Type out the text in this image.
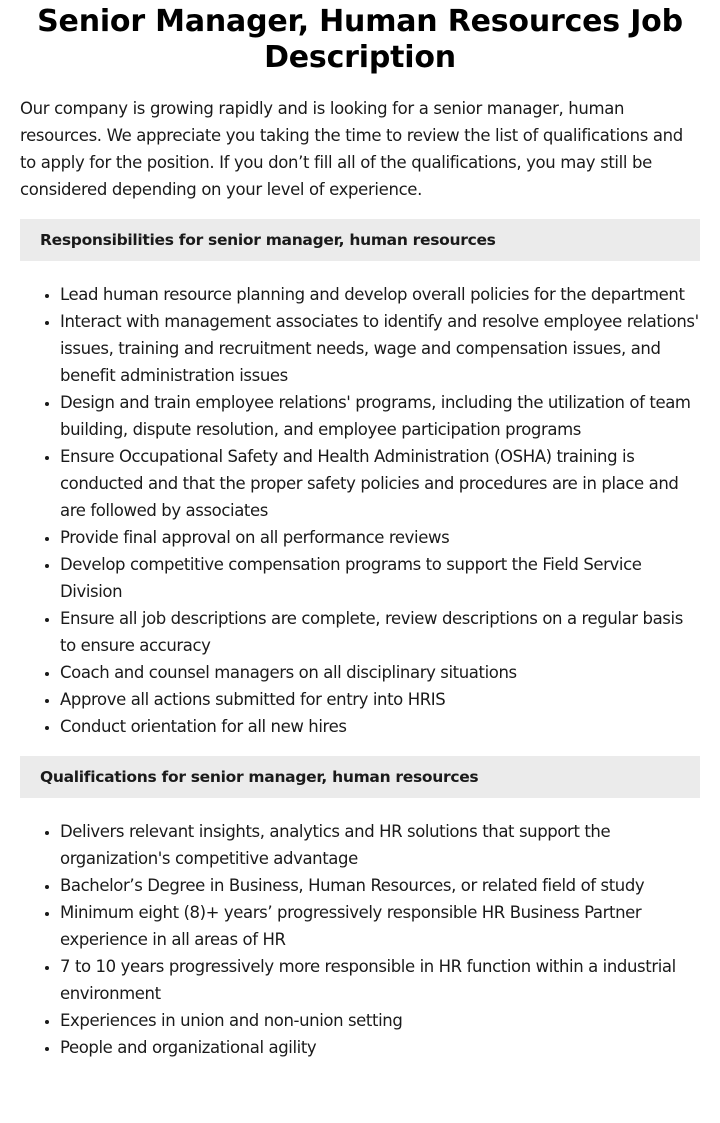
Senior Manager, Human Resources Job Description

Our company is growing rapidly and is looking for a senior manager, human resources. We appreciate you taking the time to review the list of qualifications and to apply for the position. If you don’t fill all of the qualifications, you may still be considered depending on your level of experience.

Responsibilities for senior manager, human resources
• Lead human resource planning and develop overall policies for the department
• Interact with management associates to identify and resolve employee relations' issues, training and recruitment needs, wage and compensation issues, and benefit administration issues
• Design and train employee relations' programs, including the utilization of team building, dispute resolution, and employee participation programs
• Ensure Occupational Safety and Health Administration (OSHA) training is conducted and that the proper safety policies and procedures are in place and are followed by associates
• Provide final approval on all performance reviews
• Develop competitive compensation programs to support the Field Service Division
• Ensure all job descriptions are complete, review descriptions on a regular basis to ensure accuracy
• Coach and counsel managers on all disciplinary situations
• Approve all actions submitted for entry into HRIS
• Conduct orientation for all new hires
Qualifications for senior manager, human resources
• Delivers relevant insights, analytics and HR solutions that support the organization's competitive advantage
• Bachelor’s Degree in Business, Human Resources, or related field of study
• Minimum eight (8)+ years’ progressively responsible HR Business Partner experience in all areas of HR
• 7 to 10 years progressively more responsible in HR function within a industrial environment
• Experiences in union and non-union setting
• People and organizational agility
